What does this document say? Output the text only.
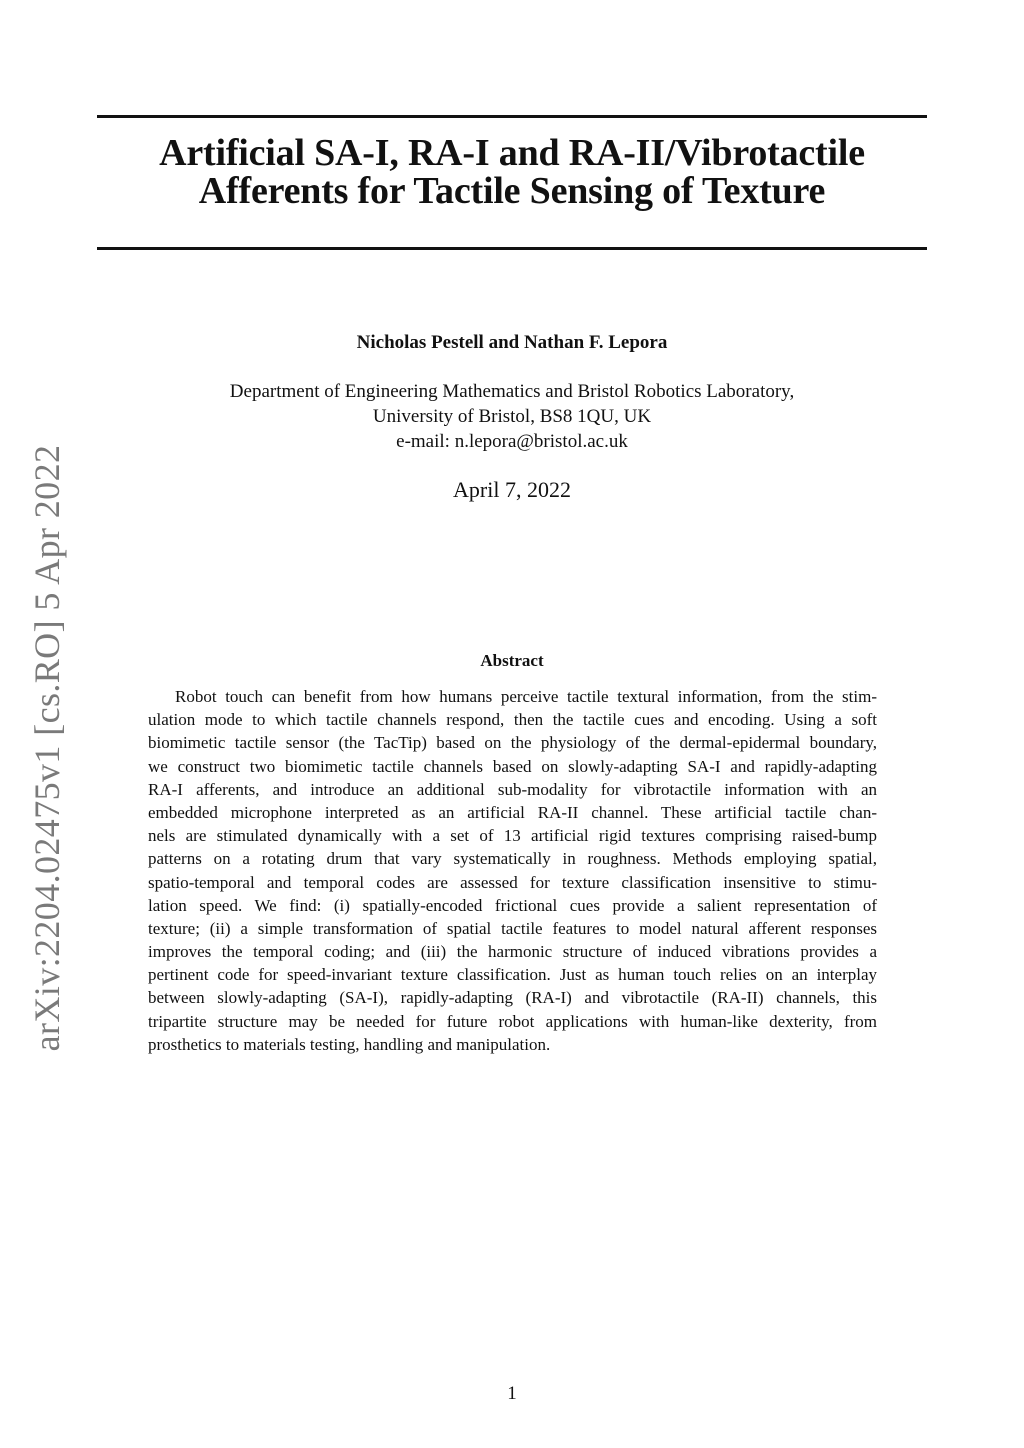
Artificial SA-I, RA-I and RA-II/Vibrotactile
Afferents for Tactile Sensing of Texture
Nicholas Pestell and Nathan F. Lepora
Department of Engineering Mathematics and Bristol Robotics Laboratory,
University of Bristol, BS8 1QU, UK
e-mail: n.lepora@bristol.ac.uk
April 7, 2022
Abstract
Robot touch can benefit from how humans perceive tactile textural information, from the stim-
ulation mode to which tactile channels respond, then the tactile cues and encoding. Using a soft
biomimetic tactile sensor (the TacTip) based on the physiology of the dermal-epidermal boundary,
we construct two biomimetic tactile channels based on slowly-adapting SA-I and rapidly-adapting
RA-I afferents, and introduce an additional sub-modality for vibrotactile information with an
embedded microphone interpreted as an artificial RA-II channel. These artificial tactile chan-
nels are stimulated dynamically with a set of 13 artificial rigid textures comprising raised-bump
patterns on a rotating drum that vary systematically in roughness. Methods employing spatial,
spatio-temporal and temporal codes are assessed for texture classification insensitive to stimu-
lation speed. We find: (i) spatially-encoded frictional cues provide a salient representation of
texture; (ii) a simple transformation of spatial tactile features to model natural afferent responses
improves the temporal coding; and (iii) the harmonic structure of induced vibrations provides a
pertinent code for speed-invariant texture classification. Just as human touch relies on an interplay
between slowly-adapting (SA-I), rapidly-adapting (RA-I) and vibrotactile (RA-II) channels, this
tripartite structure may be needed for future robot applications with human-like dexterity, from
prosthetics to materials testing, handling and manipulation.
arXiv:2204.02475v1 [cs.RO] 5 Apr 2022
1
